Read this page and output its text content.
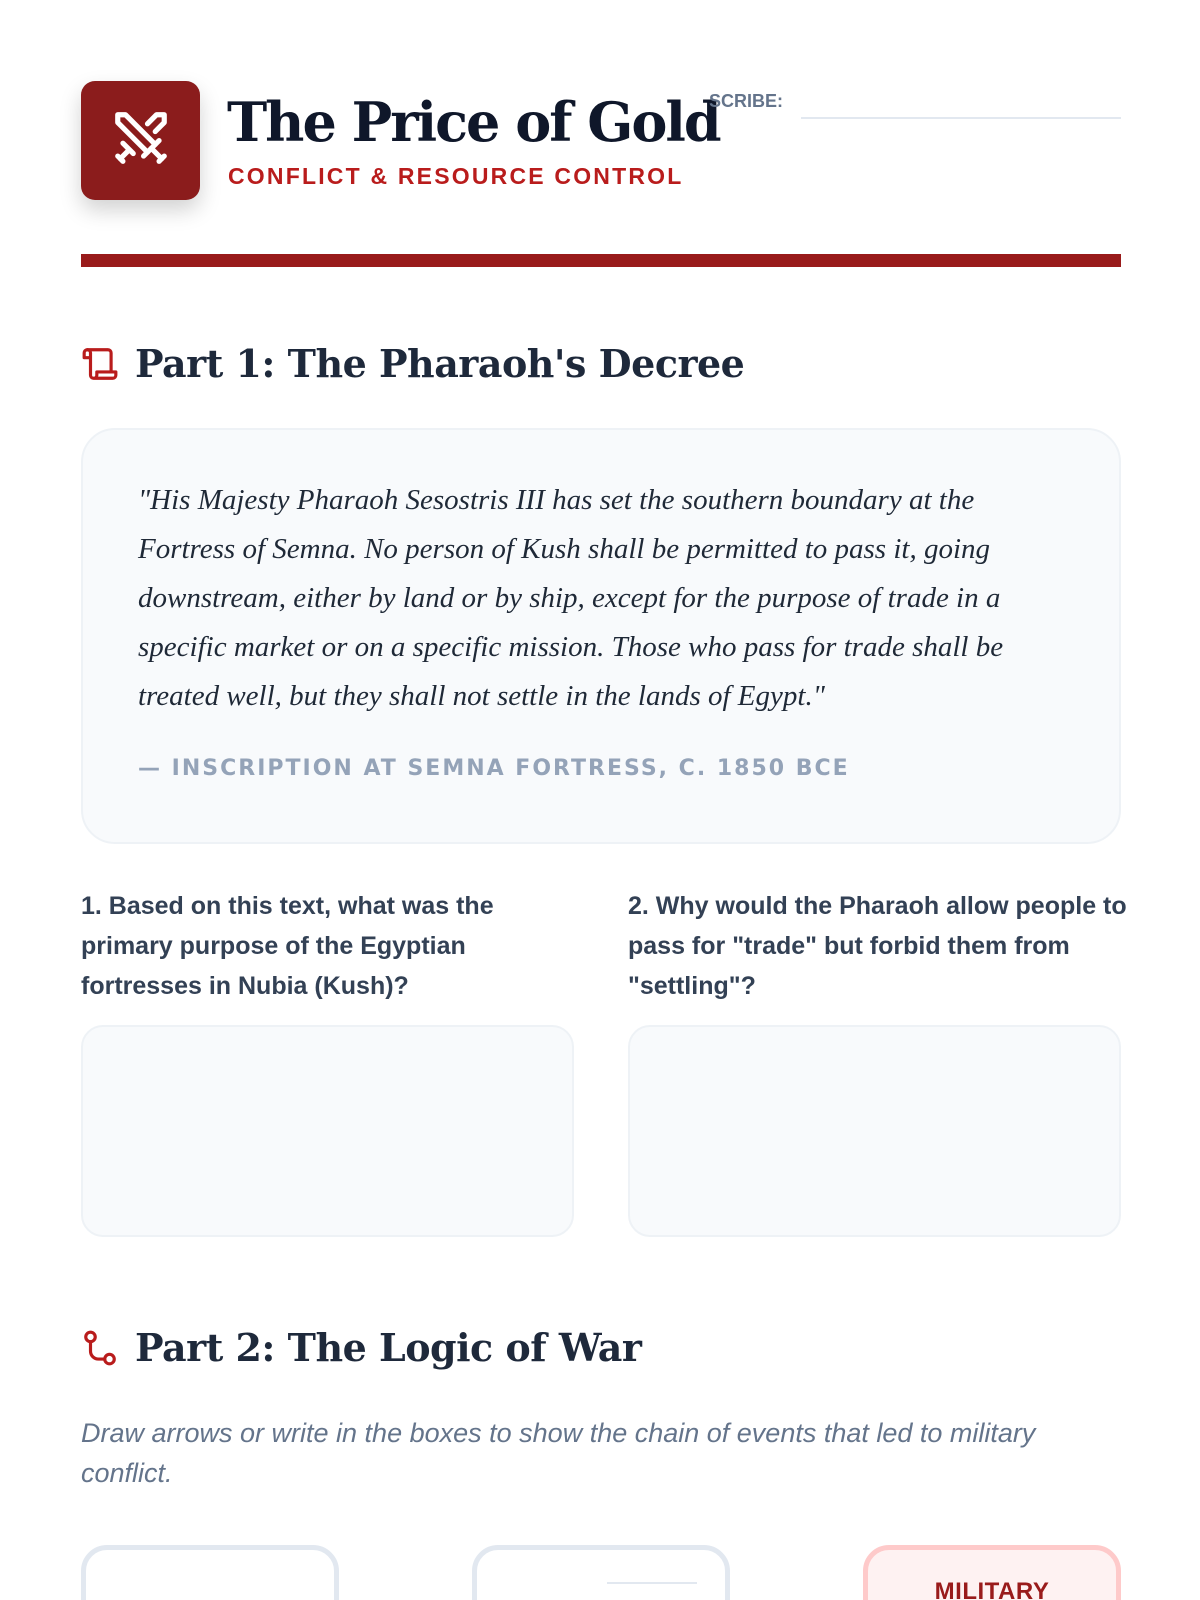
The Price of Gold
CONFLICT & RESOURCE CONTROL
SCRIBE:
Part 1: The Pharaoh's Decree
"His Majesty Pharaoh Sesostris III has set the southern boundary at the Fortress of Semna. No person of Kush shall be permitted to pass it, going downstream, either by land or by ship, except for the purpose of trade in a specific market or on a specific mission. Those who pass for trade shall be treated well, but they shall not settle in the lands of Egypt."
— INSCRIPTION AT SEMNA FORTRESS, C. 1850 BCE
1. Based on this text, what was the primary purpose of the Egyptian fortresses in Nubia (Kush)?
2. Why would the Pharaoh allow people to pass for "trade" but forbid them from "settling"?
Part 2: The Logic of War
Draw arrows or write in the boxes to show the chain of events that led to military conflict.
MILITARY
